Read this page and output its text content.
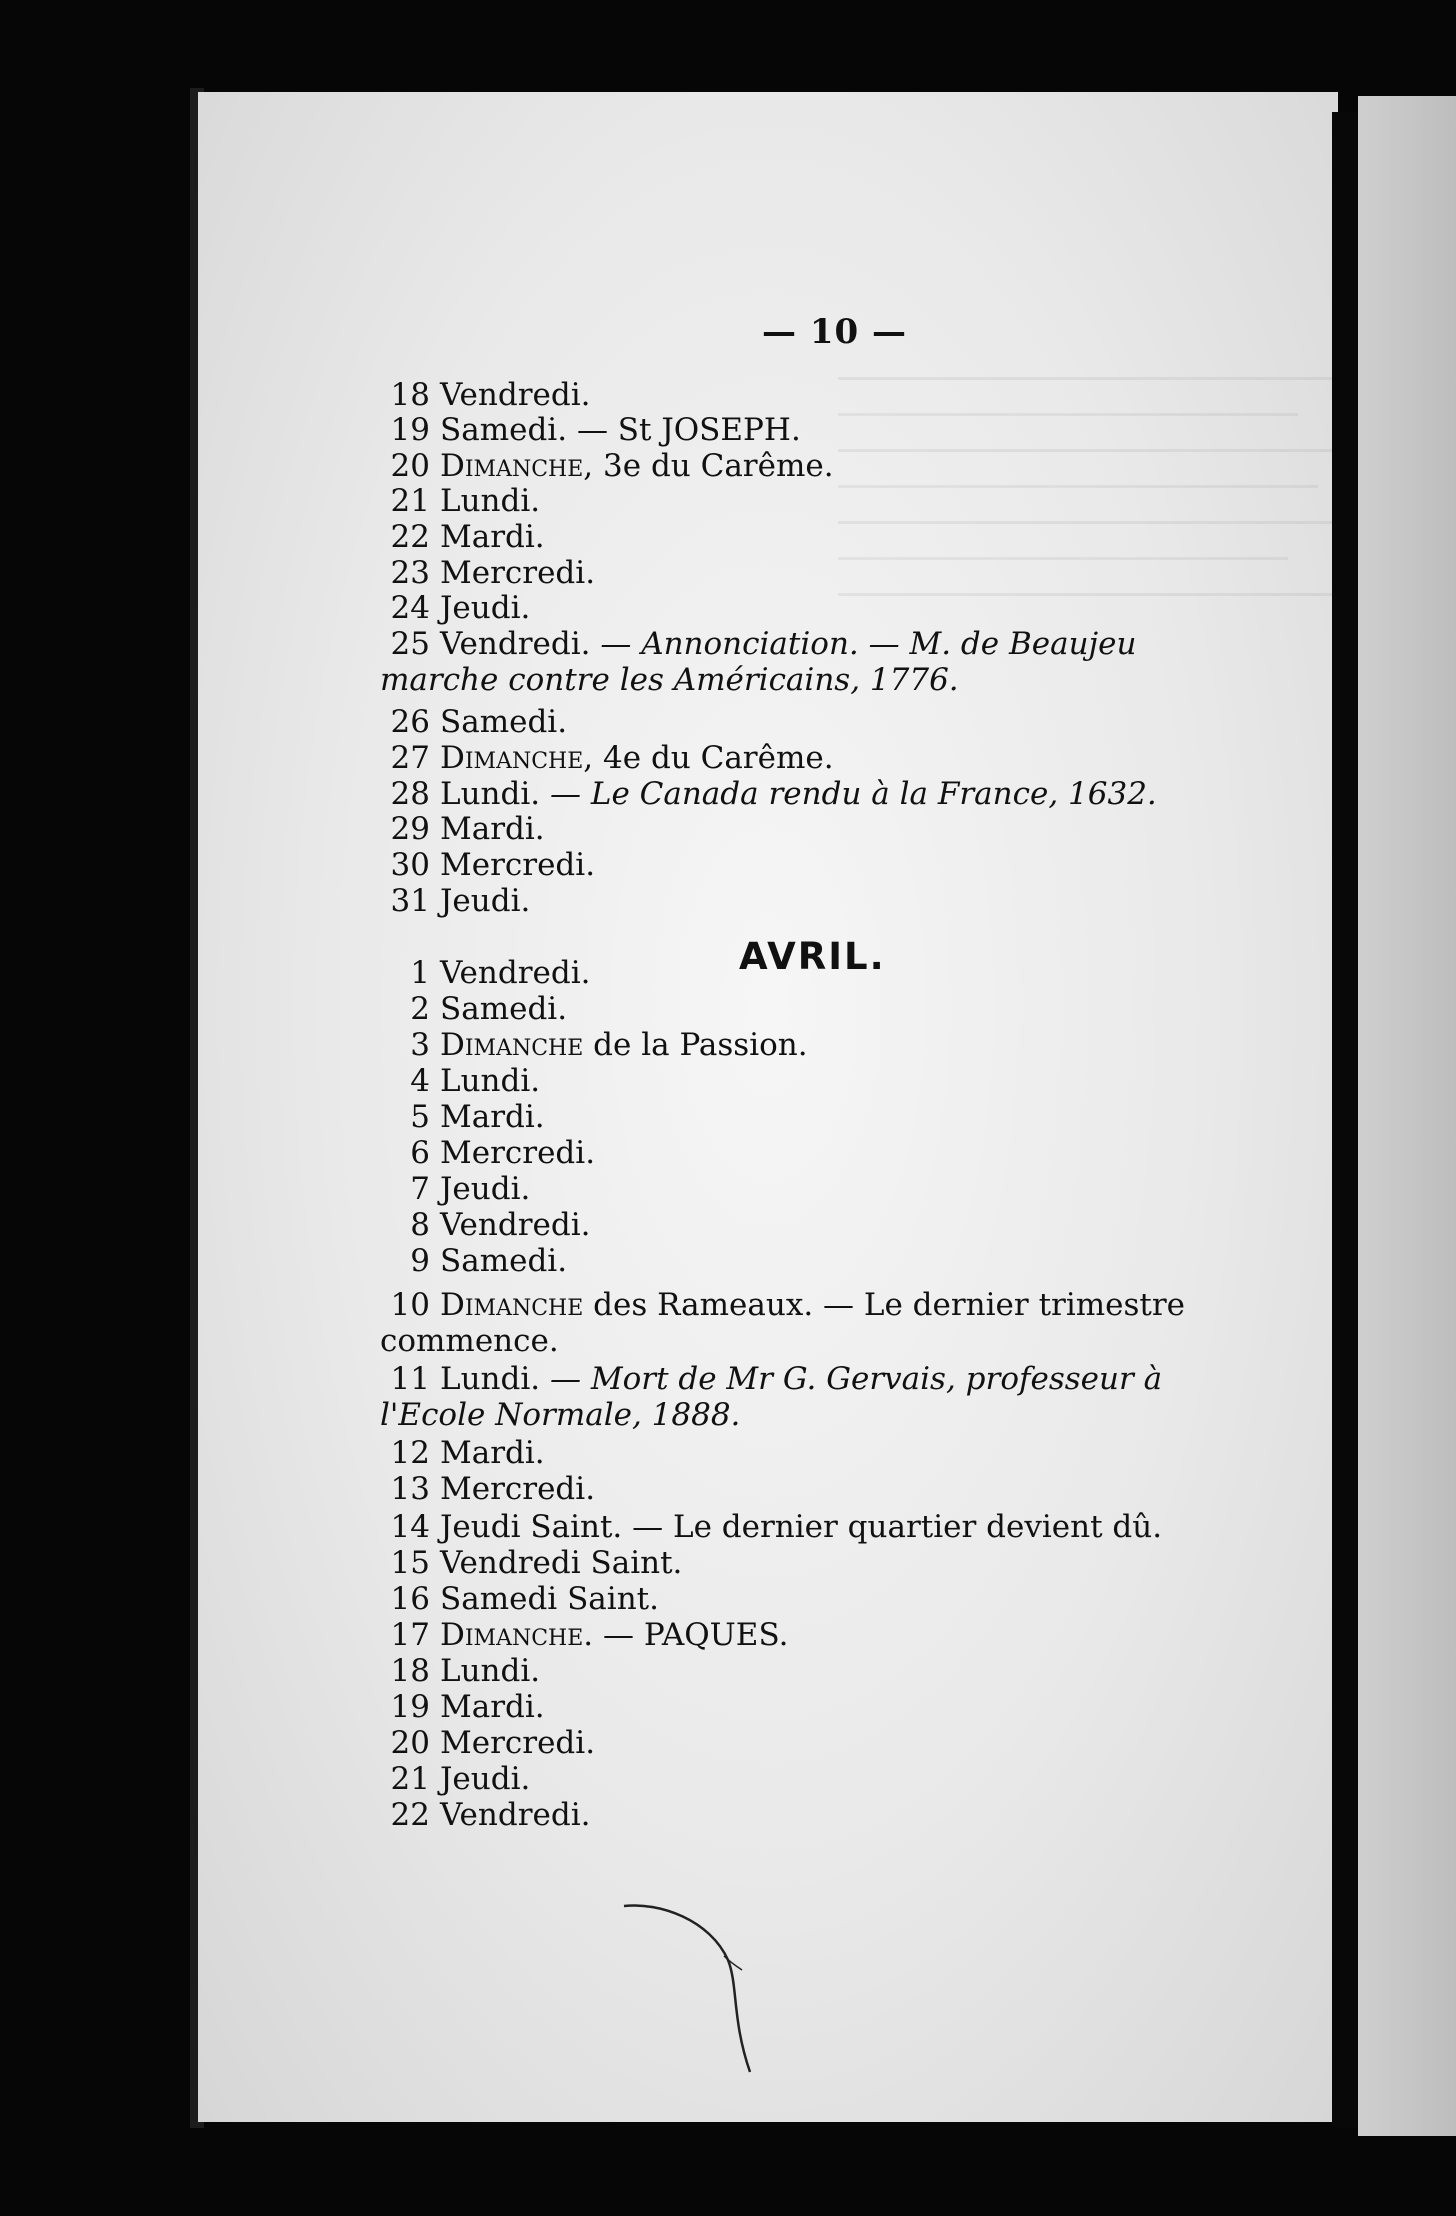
— 10 —
18 Vendredi.
19 Samedi. — St JOSEPH.
20 Dimanche, 3e du Carême.
21 Lundi.
22 Mardi.
23 Mercredi.
24 Jeudi.
25 Vendredi. — Annonciation. — M. de Beaujeu marche contre les Américains, 1776.
26 Samedi.
27 Dimanche, 4e du Carême.
28 Lundi. — Le Canada rendu à la France, 1632.
29 Mardi.
30 Mercredi.
31 Jeudi.
AVRIL.
1 Vendredi.
2 Samedi.
3 Dimanche de la Passion.
4 Lundi.
5 Mardi.
6 Mercredi.
7 Jeudi.
8 Vendredi.
9 Samedi.
10 Dimanche des Rameaux. — Le dernier trimestre commence.
11 Lundi. — Mort de Mr G. Gervais, professeur à l'Ecole Normale, 1888.
12 Mardi.
13 Mercredi.
14 Jeudi Saint. — Le dernier quartier devient dû.
15 Vendredi Saint.
16 Samedi Saint.
17 Dimanche. — PAQUES.
18 Lundi.
19 Mardi.
20 Mercredi.
21 Jeudi.
22 Vendredi.
